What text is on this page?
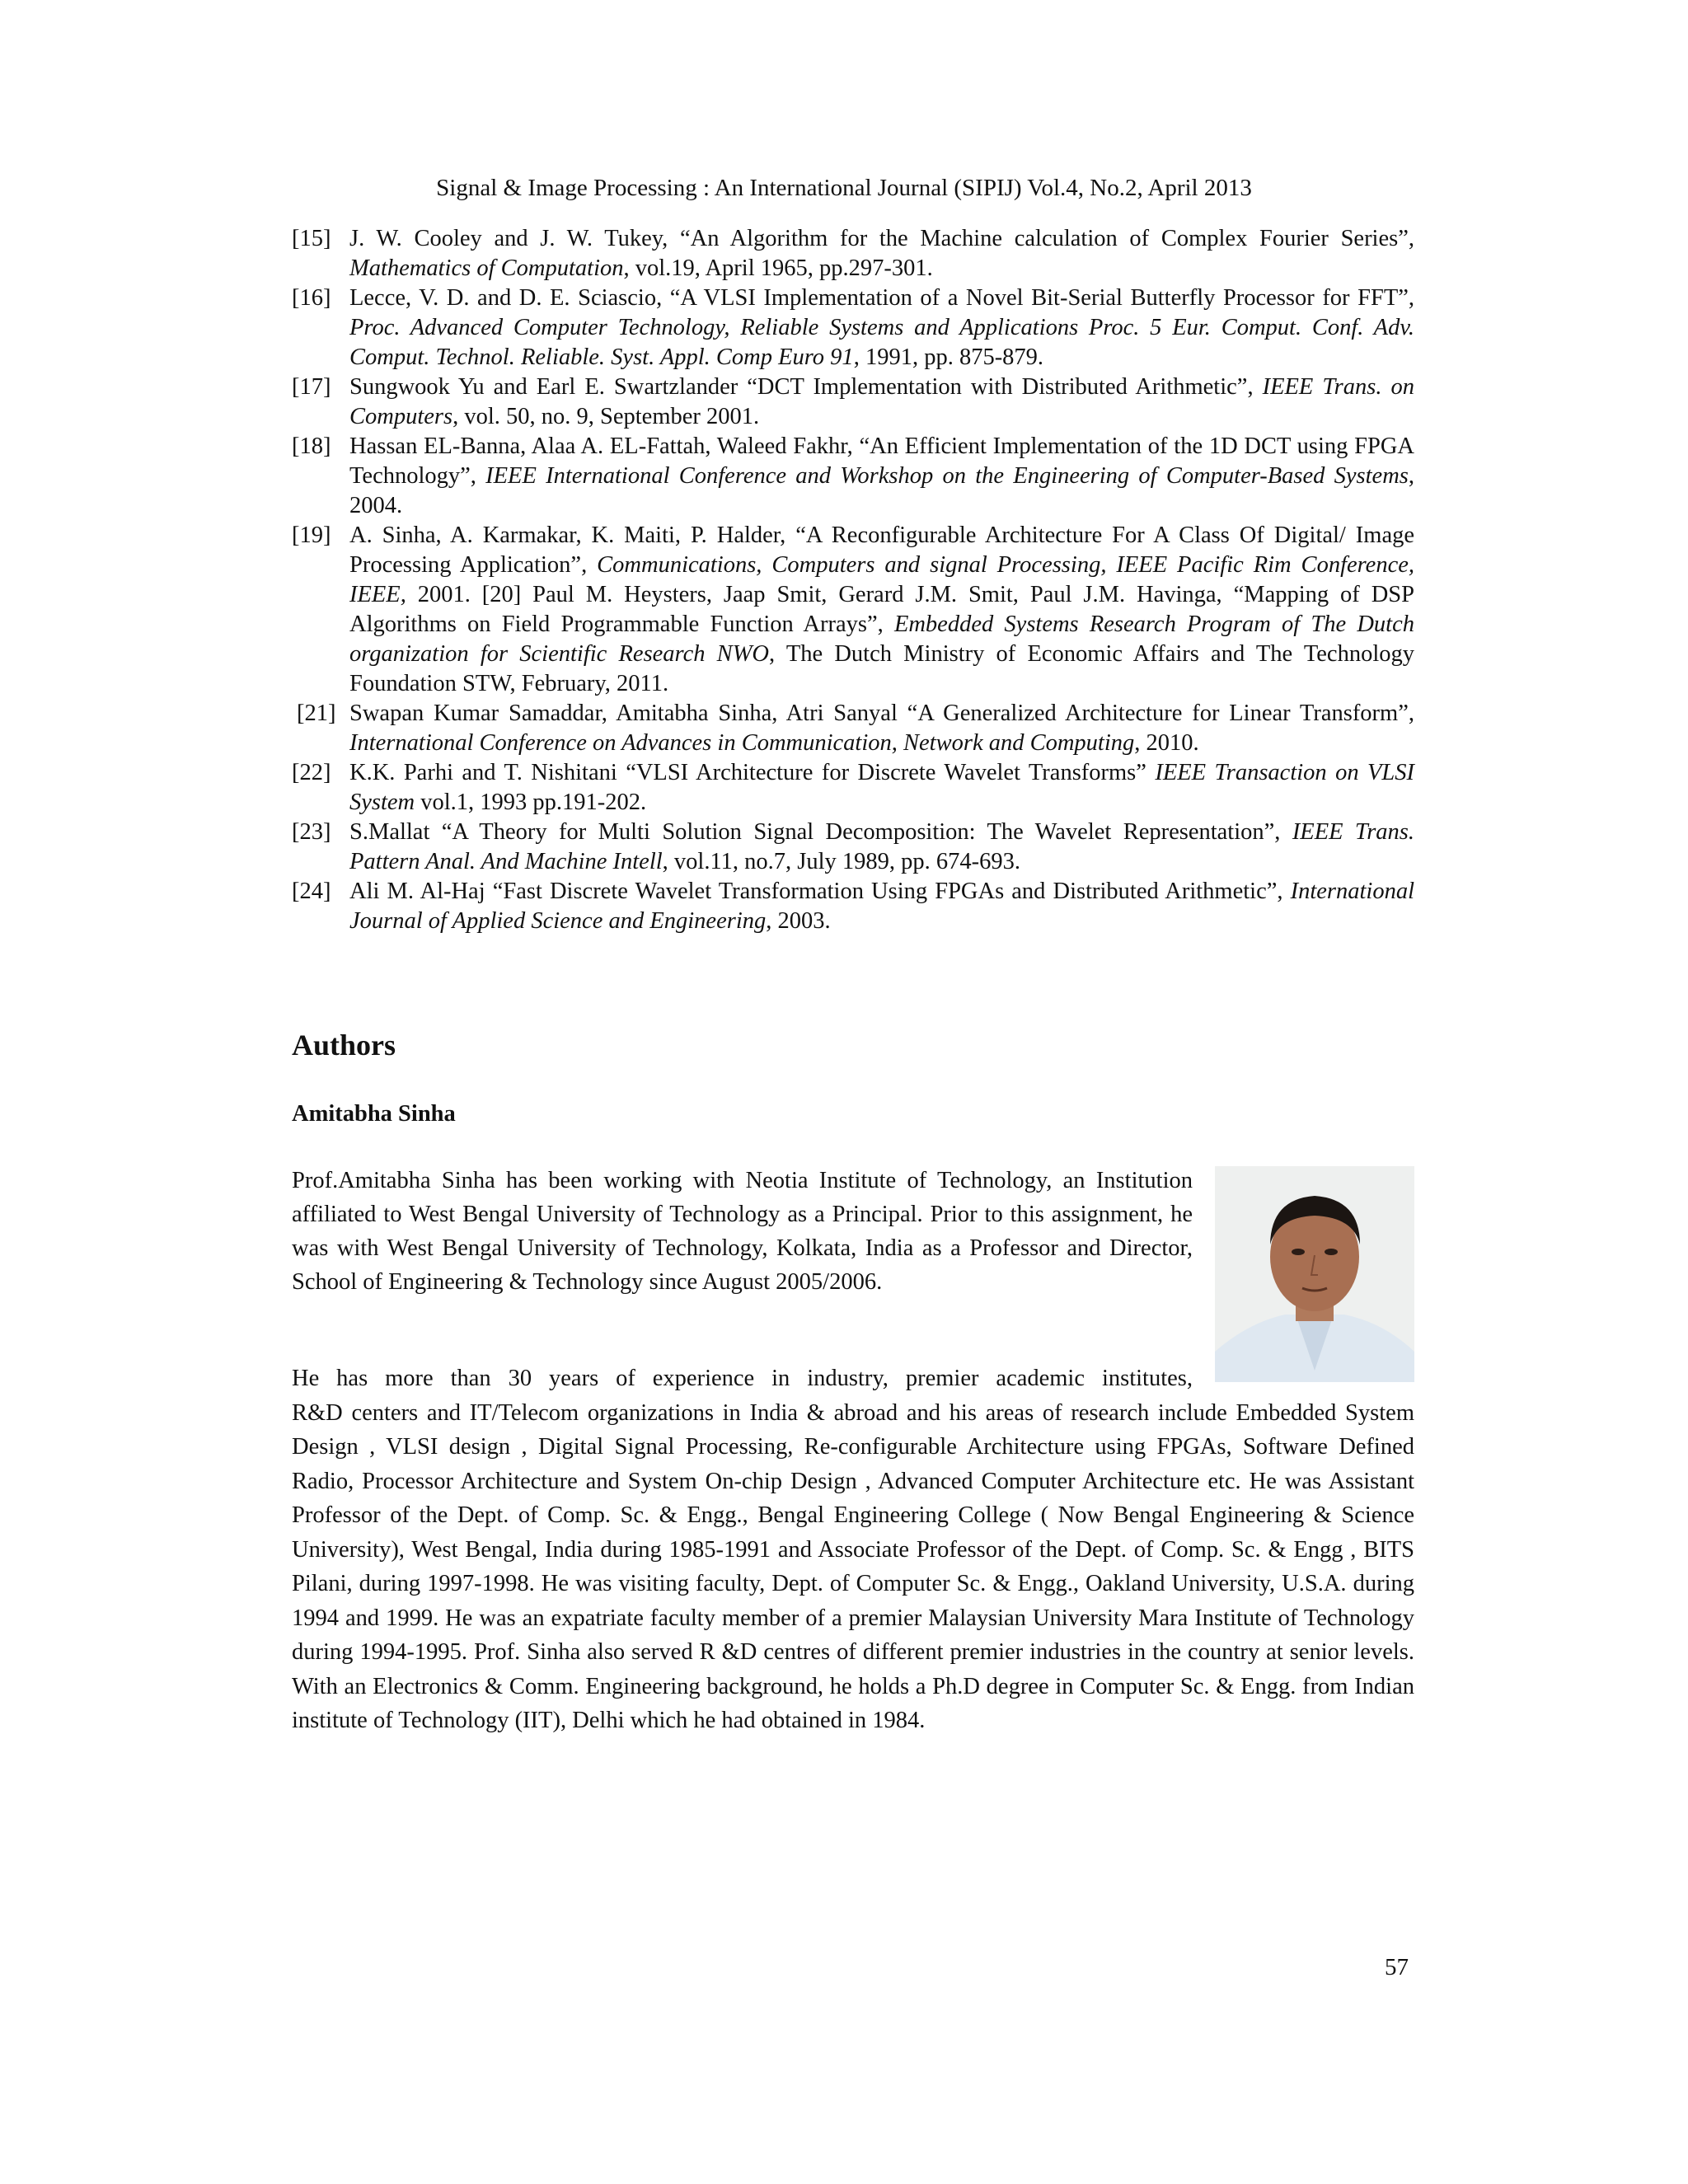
Signal & Image Processing : An International Journal (SIPIJ) Vol.4, No.2, April 2013
[15] J. W. Cooley and J. W. Tukey, “An Algorithm for the Machine calculation of Complex Fourier Series”, Mathematics of Computation, vol.19, April 1965, pp.297-301.
[16] Lecce, V. D. and D. E. Sciascio, “A VLSI Implementation of a Novel Bit-Serial Butterfly Processor for FFT”, Proc. Advanced Computer Technology, Reliable Systems and Applications Proc. 5 Eur. Comput. Conf. Adv. Comput. Technol. Reliable. Syst. Appl. Comp Euro 91, 1991, pp. 875-879.
[17] Sungwook Yu and Earl E. Swartzlander “DCT Implementation with Distributed Arithmetic”, IEEE Trans. on Computers, vol. 50, no. 9, September 2001.
[18] Hassan EL-Banna, Alaa A. EL-Fattah, Waleed Fakhr, “An Efficient Implementation of the 1D DCT using FPGA Technology”, IEEE International Conference and Workshop on the Engineering of Computer-Based Systems, 2004.
[19] A. Sinha, A. Karmakar, K. Maiti, P. Halder, “A Reconfigurable Architecture For A Class Of Digital/ Image Processing Application”, Communications, Computers and signal Processing, IEEE Pacific Rim Conference, IEEE, 2001. [20] Paul M. Heysters, Jaap Smit, Gerard J.M. Smit, Paul J.M. Havinga, “Mapping of DSP Algorithms on Field Programmable Function Arrays”, Embedded Systems Research Program of The Dutch organization for Scientific Research NWO, The Dutch Ministry of Economic Affairs and The Technology Foundation STW, February, 2011.
[21] Swapan Kumar Samaddar, Amitabha Sinha, Atri Sanyal “A Generalized Architecture for Linear Transform”, International Conference on Advances in Communication, Network and Computing, 2010.
[22] K.K. Parhi and T. Nishitani “VLSI Architecture for Discrete Wavelet Transforms” IEEE Transaction on VLSI System vol.1, 1993 pp.191-202.
[23] S.Mallat “A Theory for Multi Solution Signal Decomposition: The Wavelet Representation”, IEEE Trans. Pattern Anal. And Machine Intell, vol.11, no.7, July 1989, pp. 674-693.
[24] Ali M. Al-Haj “Fast Discrete Wavelet Transformation Using FPGAs and Distributed Arithmetic”, International Journal of Applied Science and Engineering, 2003.
Authors
Amitabha Sinha
Prof.Amitabha Sinha has been working with Neotia Institute of Technology, an Institution affiliated to West Bengal University of Technology as a Principal. Prior to this assignment, he was with West Bengal University of Technology, Kolkata, India as a Professor and Director, School of Engineering & Technology since August 2005/2006.
He has more than 30 years of experience in industry, premier academic institutes,
R&D centers and IT/Telecom organizations in India & abroad and his areas of research include Embedded System Design , VLSI design , Digital Signal Processing, Re-configurable Architecture using FPGAs, Software Defined Radio, Processor Architecture and System On-chip Design , Advanced Computer Architecture etc. He was Assistant Professor of the Dept. of Comp. Sc. & Engg., Bengal Engineering College ( Now Bengal Engineering & Science University), West Bengal, India during 1985-1991 and Associate Professor of the Dept. of Comp. Sc. & Engg , BITS Pilani, during 1997-1998. He was visiting faculty, Dept. of Computer Sc. & Engg., Oakland University, U.S.A. during 1994 and 1999. He was an expatriate faculty member of a premier Malaysian University Mara Institute of Technology during 1994-1995. Prof. Sinha also served R &D centres of different premier industries in the country at senior levels. With an Electronics & Comm. Engineering background, he holds a Ph.D degree in Computer Sc. & Engg. from Indian institute of Technology (IIT), Delhi which he had obtained in 1984.
57
